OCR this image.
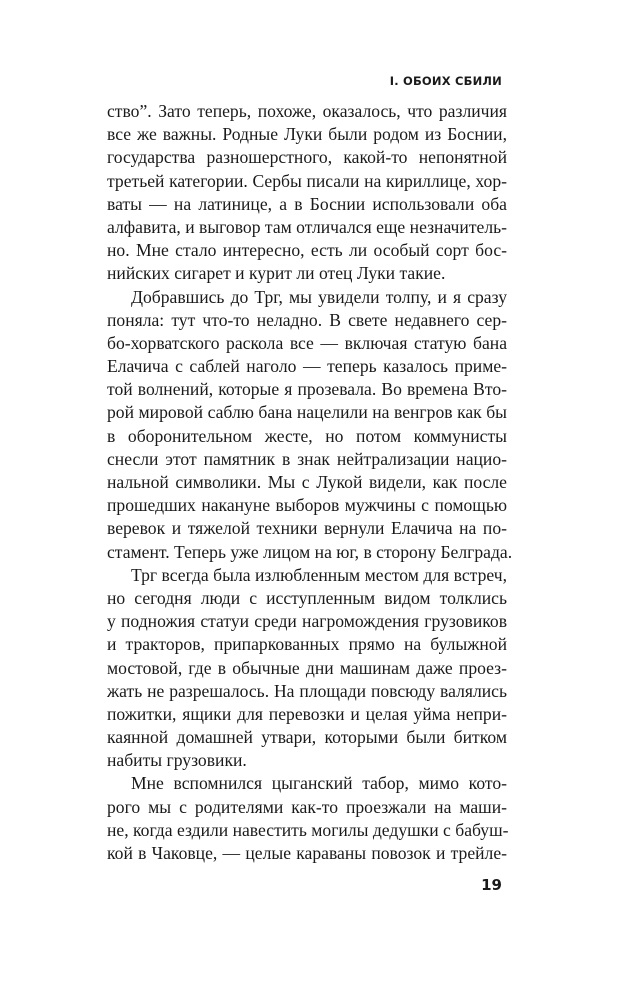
I. ОБОИХ СБИЛИ
ство”. Зато теперь, похоже, оказалось, что различия
все же важны. Родные Луки были родом из Боснии,
государства разношерстного, какой-то непонятной
третьей категории. Сербы писали на кириллице, хор-
ваты — на латинице, а в Боснии использовали оба
алфавита, и выговор там отличался еще незначитель-
но. Мне стало интересно, есть ли особый сорт бос-
нийских сигарет и курит ли отец Луки такие.
Добравшись до Трг, мы увидели толпу, и я сразу
поняла: тут что-то неладно. В свете недавнего сер-
бо-хорватского раскола все — включая статую бана
Елачича с саблей наголо — теперь казалось приме-
той волнений, которые я прозевала. Во времена Вто-
рой мировой саблю бана нацелили на венгров как бы
в оборонительном жесте, но потом коммунисты
снесли этот памятник в знак нейтрализации нацио-
нальной символики. Мы с Лукой видели, как после
прошедших накануне выборов мужчины с помощью
веревок и тяжелой техники вернули Елачича на по-
стамент. Теперь уже лицом на юг, в сторону Белграда.
Трг всегда была излюбленным местом для встреч,
но сегодня люди с исступленным видом толклись
у подножия статуи среди нагромождения грузовиков
и тракторов, припаркованных прямо на булыжной
мостовой, где в обычные дни машинам даже проез-
жать не разрешалось. На площади повсюду валялись
пожитки, ящики для перевозки и целая уйма непри-
каянной домашней утвари, которыми были битком
набиты грузовики.
Мне вспомнился цыганский табор, мимо кото-
рого мы с родителями как-то проезжали на маши-
не, когда ездили навестить могилы дедушки с бабуш-
кой в Чаковце, — целые караваны повозок и трейле-
19
